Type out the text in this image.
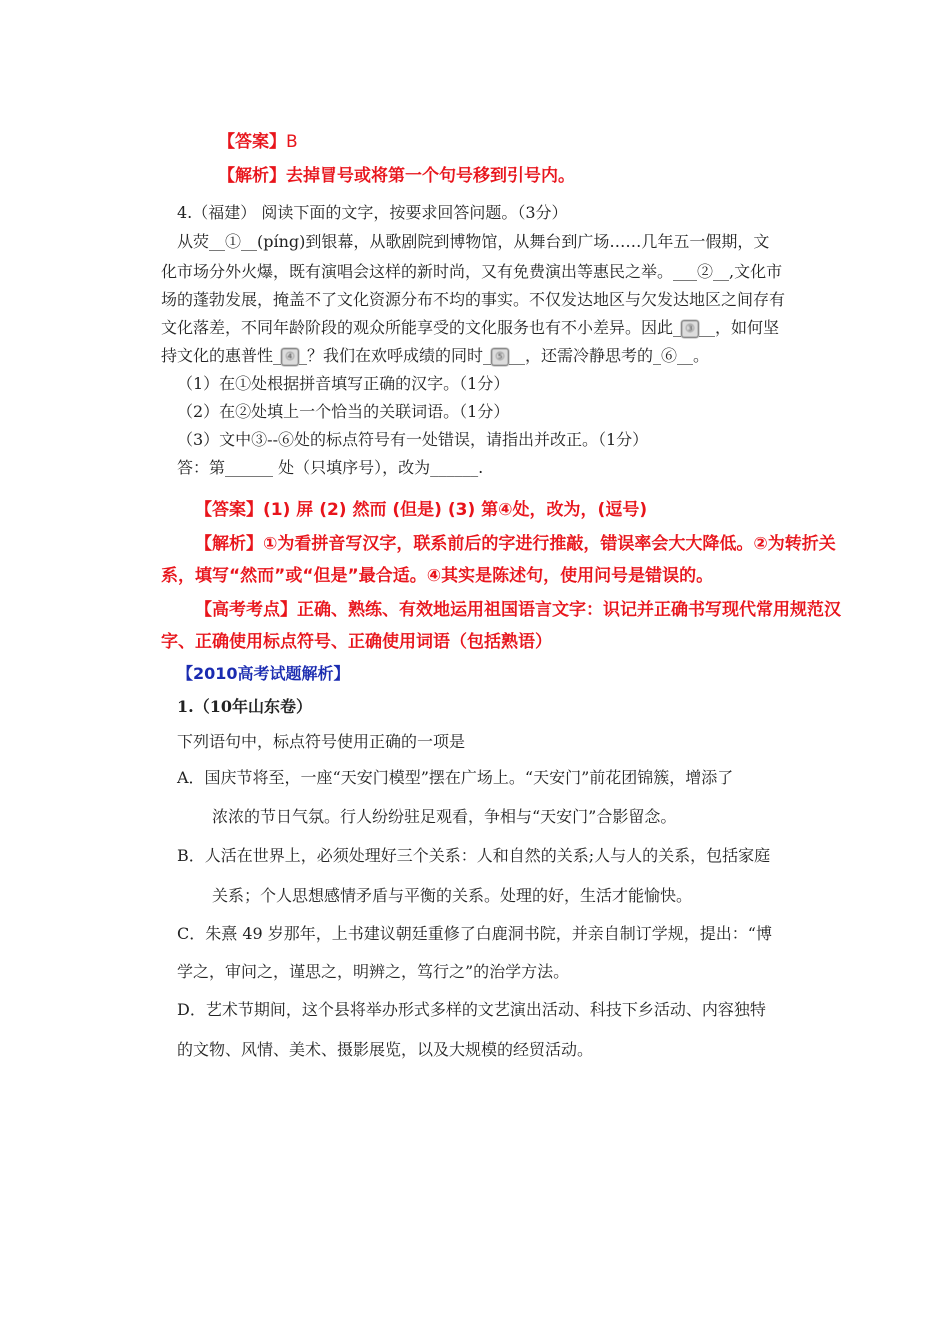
【答案】B
【解析】去掉冒号或将第一个句号移到引号内。
4.（福建） 阅读下面的文字，按要求回答问题。（3分）
从荧__①__(píng)到银幕，从歌剧院到博物馆，从舞台到广场……几年五一假期，文
化市场分外火爆，既有演唱会这样的新时尚，又有免费演出等惠民之举。___②__,文化市
场的蓬勃发展，掩盖不了文化资源分布不均的事实。不仅发达地区与欠发达地区之间存有
文化落差，不同年龄阶段的观众所能享受的文化服务也有不小差异。因此_ ③ __，如何坚
持文化的惠普性_ ④ _？我们在欢呼成绩的同时_ ⑤ __，还需冷静思考的_⑥__。
（1）在①处根据拼音填写正确的汉字。（1分）
（2）在②处填上一个恰当的关联词语。（1分）
（3）文中③--⑥处的标点符号有一处错误，请指出并改正。（1分）
答：第______ 处（只填序号），改为______.
【答案】(1) 屏 (2) 然而 (但是) (3) 第④处，改为，(逗号)
【解析】①为看拼音写汉字，联系前后的字进行推敲，错误率会大大降低。②为转折关
系，填写“然而”或“但是”最合适。④其实是陈述句，使用问号是错误的。
【高考考点】正确、熟练、有效地运用祖国语言文字：识记并正确书写现代常用规范汉
字、正确使用标点符号、正确使用词语（包括熟语）
【2010高考试题解析】
1.（10年山东卷）
下列语句中，标点符号使用正确的一项是
A．国庆节将至，一座“天安门模型”摆在广场上。“天安门”前花团锦簇，增添了
浓浓的节日气氛。行人纷纷驻足观看，争相与“天安门”合影留念。
B．人活在世界上，必须处理好三个关系：人和自然的关系;人与人的关系，包括家庭
关系；个人思想感情矛盾与平衡的关系。处理的好，生活才能愉快。
C．朱熹 49 岁那年，上书建议朝廷重修了白鹿洞书院，并亲自制订学规，提出：“博
学之，审问之，谨思之，明辨之，笃行之”的治学方法。
D．艺术节期间，这个县将举办形式多样的文艺演出活动、科技下乡活动、内容独特
的文物、风情、美术、摄影展览，以及大规模的经贸活动。
